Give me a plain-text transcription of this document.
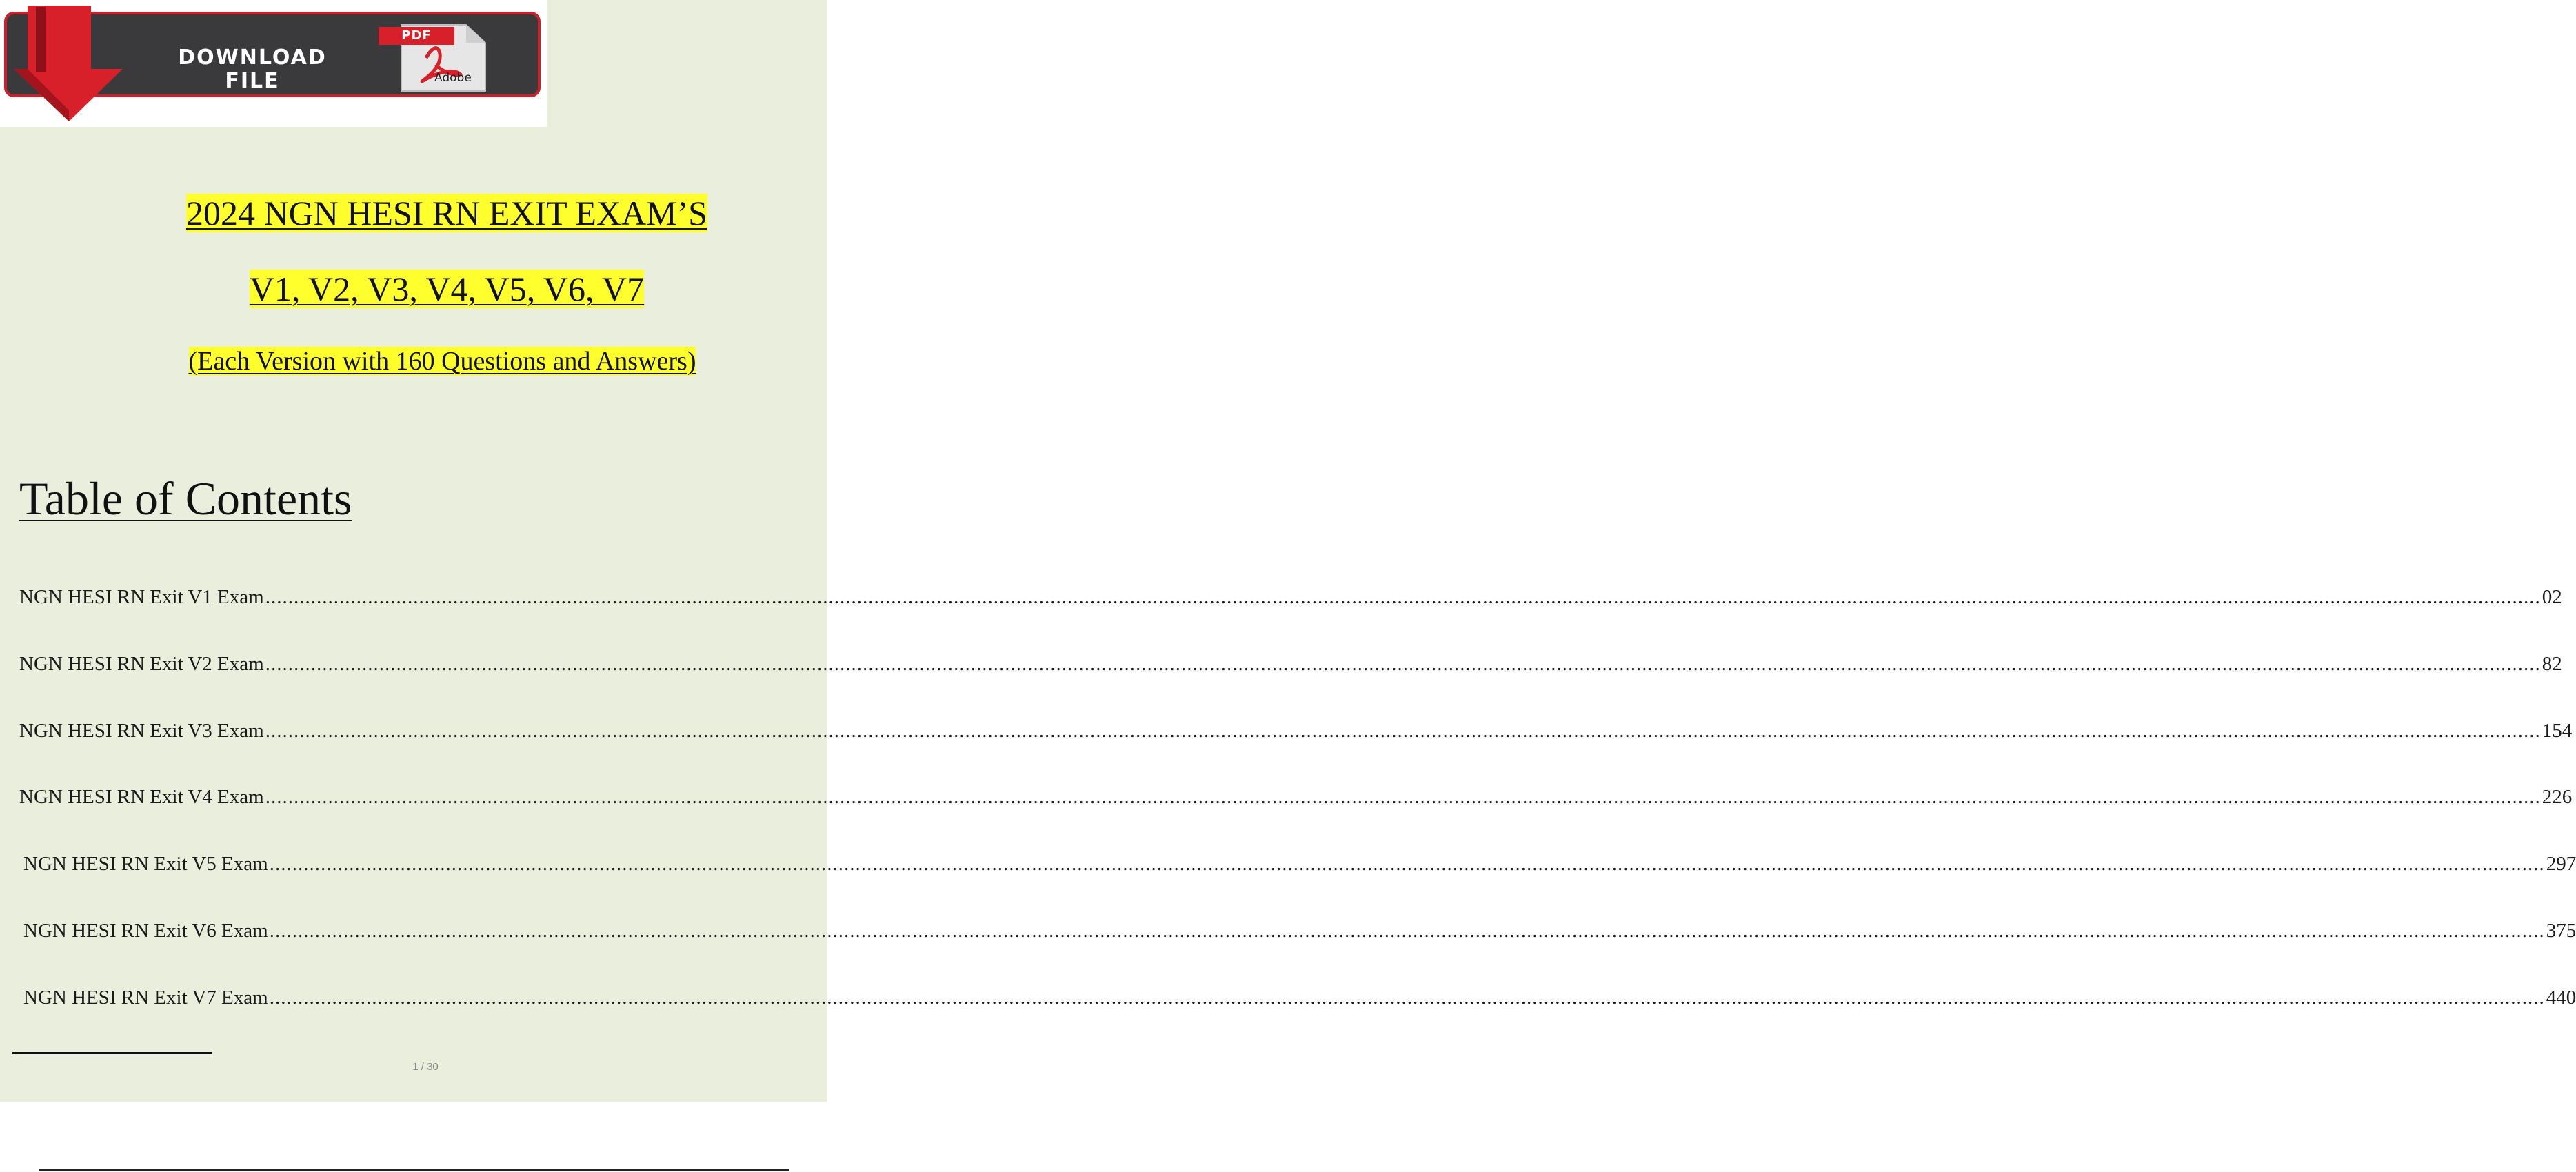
DOWNLOAD
FILE
PDF
Adobe
2024 NGN HESI RN EXIT EXAM’S
V1, V2, V3, V4, V5, V6, V7
(Each Version with 160 Questions and Answers)
Table of Contents
NGN HESI RN Exit V1 Exam ................................................................................................................................................................................................................................................................................................................................................................................................................ 02
NGN HESI RN Exit V2 Exam ................................................................................................................................................................................................................................................................................................................................................................................................................ 82
NGN HESI RN Exit V3 Exam ................................................................................................................................................................................................................................................................................................................................................................................................................ 154
NGN HESI RN Exit V4 Exam ................................................................................................................................................................................................................................................................................................................................................................................................................ 226
NGN HESI RN Exit V5 Exam ................................................................................................................................................................................................................................................................................................................................................................................................................ 297
NGN HESI RN Exit V6 Exam ................................................................................................................................................................................................................................................................................................................................................................................................................ 375
NGN HESI RN Exit V7 Exam ................................................................................................................................................................................................................................................................................................................................................................................................................ 440
1 / 30
